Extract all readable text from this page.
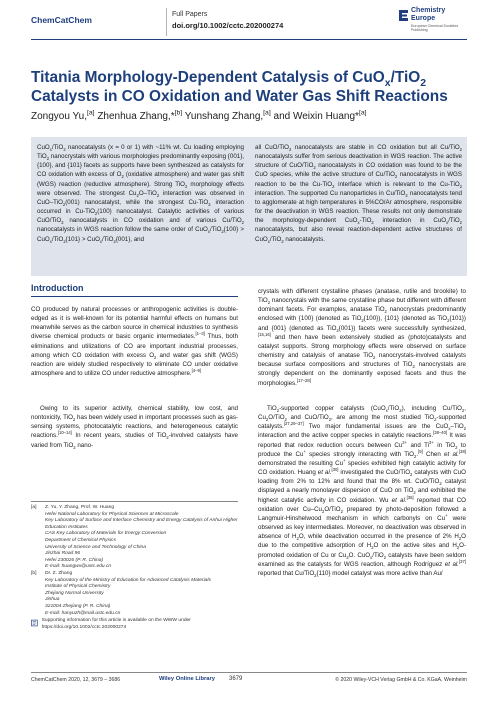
ChemCatChem
Full Papers
doi.org/10.1002/cctc.202000274
Chemistry
Europe
European Chemical Societies Publishing
Titania Morphology-Dependent Catalysis of CuO$_x$/TiO$_2$
Catalysts in CO Oxidation and Water Gas Shift Reactions
Zongyou Yu,[a] Zhenhua Zhang,*[b] Yunshang Zhang,[a] and Weixin Huang*[a]
CuO$_x$/TiO$_2$ nanocatalysts (x = 0 or 1) with ~11% wt. Cu loading employing TiO$_2$ nanocrystals with various morphologies predominantly exposing {001}, {100}, and {101} facets as supports have been synthesized as catalysts for CO oxidation with excess of $O_2$ (oxidative atmosphere) and water gas shift (WGS) reaction (reductive atmosphere). Strong TiO$_2$ morphology effects were observed. The strongest $Cu_2O-TiO_2$ interaction was observed in CuO–TiO$_2$(001) nanocatalyst, while the strongest Cu-TiO$_2$ interaction occurred in Cu-TiO$_2$(100) nanocatalyst. Catalytic activities of various CuO/TiO$_2$ nanocatalysts in CO oxidation and of various Cu/TiO$_2$ nanocatalysts in WGS reaction follow the same order of CuO$_x$/TiO$_2${100} > CuO$_x$/TiO$_2${101} > CuO$_x$/TiO$_2${001}, and
all CuO/TiO$_2$ nanocatalysts are stable in CO oxidation but all Cu/TiO$_2$ nanocatalysts suffer from serious deactivation in WGS reaction. The active structure of CuO/TiO$_2$ nanocatalysts in CO oxidation was found to be the CuO species, while the active structure of Cu/TiO$_2$ nanocatalysts in WGS reaction to be the Cu-TiO$_2$ interface which is relevant to the Cu-TiO$_2$ interaction. The supported Cu nanoparticles in Cu/TiO$_2$ nanocatalysts tend to agglomerate at high temperatures in 5%CO/Ar atmosphere, responsible for the deactivation in WGS reaction. These results not only demonstrate the morphology-dependent CuO$_x$-TiO$_2$ interaction in CuO$_x$/TiO$_2$ nanocatalysts, but also reveal reaction-dependent active structures of CuO$_x$/TiO$_2$ nanocatalysts.
Introduction
CO produced by natural processes or anthropogenic activities is double-edged as it is well-known for its potential harmful effects on humans but meanwhile serves as the carbon source in chemical industries to synthesis diverse chemical products or basic organic intermediates.[1–3] Thus, both eliminations and utilizations of CO are important industrial processes, among which CO oxidation with excess $O_2$ and water gas shift (WGS) reaction are widely studied respectively to eliminate CO under oxidative atmosphere and to utilize CO under reductive atmosphere.[4–9]
Owing to its superior activity, chemical stability, low cost, and nontoxicity, TiO$_2$ has been widely used in important processes such as gas-sensing systems, photocatalytic reactions, and heterogeneous catalytic reactions.[10–14] In recent years, studies of TiO$_2$-involved catalysts have varied from TiO$_2$ nano-
[a]	Z. Yu, Y. Zhang, Prof. W. Huang

Hefei National Laboratory for Physical Sciences at Microscale

Key Laboratory of Surface and Interface Chemistry and Energy Catalysis of Anhui Higher Education Institutes

CAS Key Laboratory of Materials for Energy Conversion

Department of Chemical Physics

University of Science and Technology of China

Jinzhai Road 96

Hefei 230026 (P. R. China)

E-mail: huangwx@ustc.edu.cn

[b]	Dr. Z. Zhang

Key Laboratory of the Ministry of Education for Advanced Catalysis Materials

Institute of Physical Chemistry

Zhejiang Normal University

Jinhua

321004 Zhejiang (P. R. China)

E-mail: hanyuzh@mail.ustc.edu.cn

Supporting information for this article is available on the WWW under https://doi.org/10.1002/cctc.202000274
crystals with different crystalline phases (anatase, rutile and brookite) to TiO$_2$ nanocrystals with the same crystalline phase but different with different dominant facets. For examples, anatase TiO$_2$ nanocrystals predominantly enclosed with {100} (denoted as TiO$_2${100}), {101} (denoted as TiO$_2${101}) and {001} (denoted as TiO$_2${001}) facets were successfully synthesized,[15,16] and then have been extensively studied as (photo)catalysts and catalyst supports. Strong morphology effects were observed on surface chemistry and catalysis of anatase TiO$_2$ nanocrystals-involved catalysts because surface compositions and structures of TiO$_2$ nanocrystals are strongly dependent on the dominantly exposed facets and thus the morphologies.[17–28]
TiO$_2$-supported copper catalysts (CuO$_x$/TiO$_2$), including Cu/TiO$_2$, $Cu_2O/TiO_2$ and CuO/TiO$_2$, are among the most studied TiO$_2$-supported catalysts.[27,29–37] Two major fundamental issues are the CuO$_x$–TiO$_2$ interaction and the active copper species in catalytic reactions.[38–40] It was reported that redox reduction occurs between $Cu^{2+}$ and $Ti^{3+}$ in TiO$_2$ to produce the Cu+ species strongly interacting with TiO$_2$.[9] Chen et al.[38] demonstrated the resulting Cu+ species exhibited high catalytic activity for CO oxidation. Huang et al.[30] investigated the CuO/TiO$_2$ catalysts with CuO loading from 2% to 12% and found that the 8% wt. CuO/TiO$_2$ catalyst displayed a nearly monolayer dispersion of CuO on TiO$_2$ and exhibited the highest catalytic activity in CO oxidation. Wu et al.[36] reported that CO oxidation over $Cu-Cu_2O/TiO_2$ prepared by photo-deposition followed a Langmuir-Hinshelwood mechanism in which carbonyls on Cu+ were observed as key intermediates. Moreover, no deactivation was observed in absence of $H_2O$, while deactivation occurred in the presence of 2% $H_2O$ due to the competitive adsorption of $H_2O$ on the active sites and $H_2O$-promoted oxidation of Cu or $Cu_2O$. CuO$_x$/TiO$_2$ catalysts have been seldom examined as the catalysts for WGS reaction, although Rodríguez et al.[37] reported that Cu/TiO$_2${110} model catalyst was more active than Au/
ChemCatChem 2020, 12, 3679 – 3686	Wiley Online Library 3679	© 2020 Wiley-VCH Verlag GmbH & Co. KGaA, Weinheim
